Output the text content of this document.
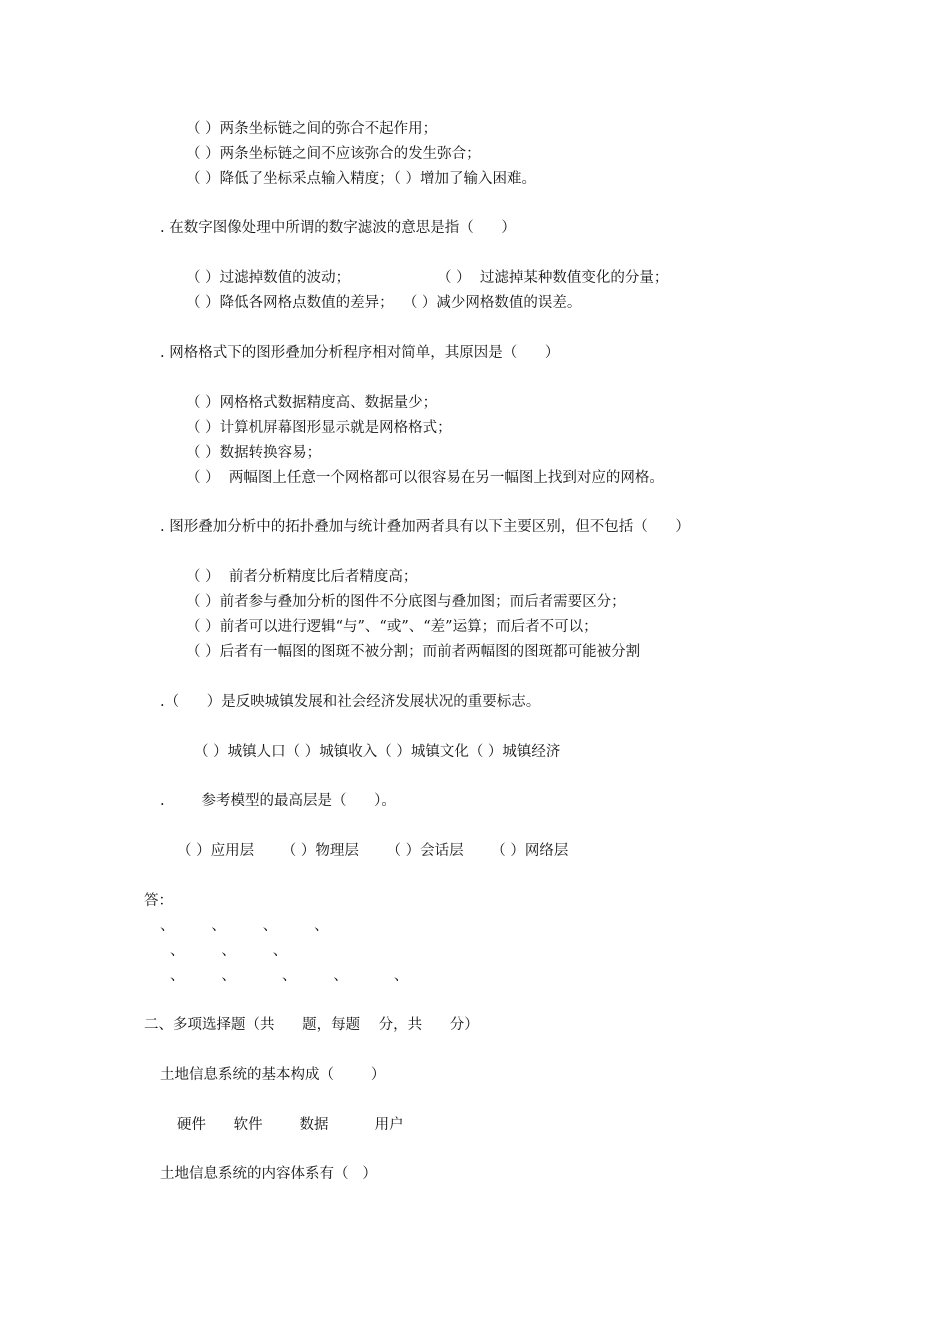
（ ）两条坐标链之间的弥合不起作用；
（ ）两条坐标链之间不应该弥合的发生弥合；
（ ）降低了坐标采点输入精度；（ ）增加了输入困难。
. 在数字图像处理中所谓的数字滤波的意思是指（      ）
（ ）过滤掉数值的波动；	（ ）  过滤掉某种数值变化的分量；
（ ）降低各网格点数值的差异；  （ ）减少网格数值的误差。
. 网格格式下的图形叠加分析程序相对简单，其原因是（      ）
（ ）网格格式数据精度高、数据量少；
（ ）计算机屏幕图形显示就是网格格式；
（ ）数据转换容易；
（ ）  两幅图上任意一个网格都可以很容易在另一幅图上找到对应的网格。
. 图形叠加分析中的拓扑叠加与统计叠加两者具有以下主要区别，但不包括（      ）
（ ）  前者分析精度比后者精度高；
（ ）前者参与叠加分析的图件不分底图与叠加图；而后者需要区分；
（ ）前者可以进行逻辑“与”、“或”、“差”运算；而后者不可以；
（ ）后者有一幅图的图斑不被分割；而前者两幅图的图斑都可能被分割
.（      ）是反映城镇发展和社会经济发展状况的重要标志。
（ ）城镇人口（ ）城镇收入（ ）城镇文化（ ）城镇经济
.        参考模型的最高层是（      ）。
（ ）应用层      （ ）物理层      （ ）会话层      （ ）网络层
答：
、        、        、        、
、        、        、
、        、          、        、          、
二、多项选择题（共      题，每题    分，共      分）
土地信息系统的基本构成（        ）
硬件      软件        数据          用户
土地信息系统的内容体系有（   ）
